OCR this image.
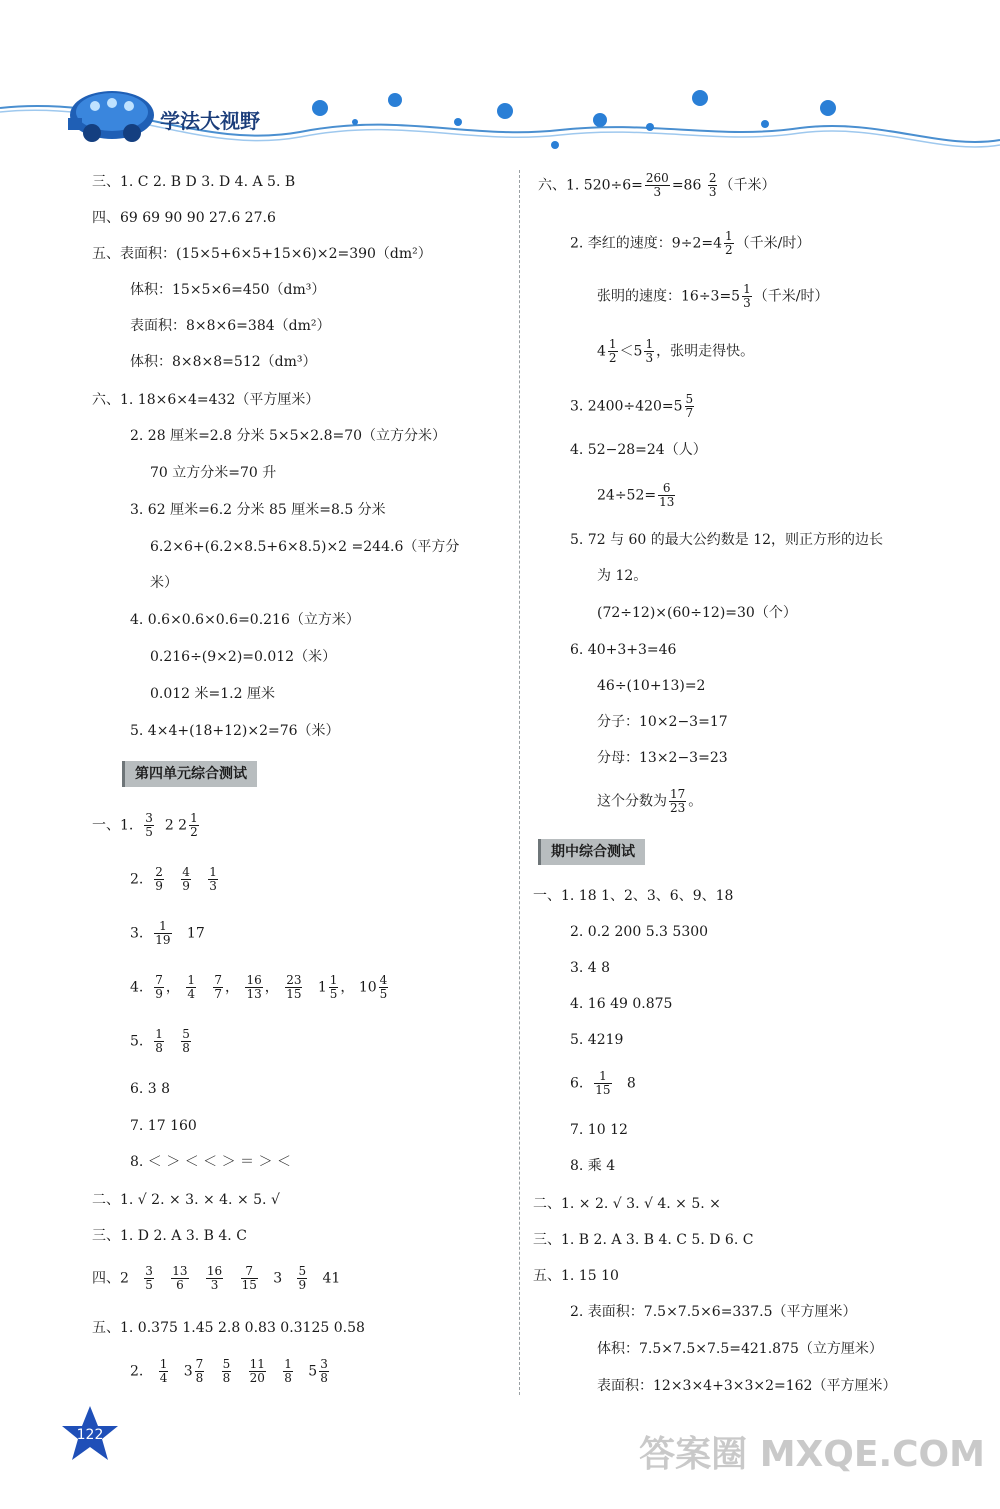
学法大视野
第四单元综合测试
一、1. $\frac{3}{5} 2$ $2 \frac{1}{2}$
2. $\frac{2}{9}$
$\frac{4}{9}$
$\frac{1}{3}$
3. $\frac{1}{19} 17$
4. $\frac{7}{9}$ ， $\frac{1}{4}$
$\frac{7}{7}$ ， $\frac{16}{13}$ ， $\frac{23}{15} 1 \frac{1}{5}$ ， $10 \frac{4}{5}$
5. $\frac{1}{8}$
$\frac{5}{8}$
6. 3 8
四、$2 \frac{3}{5}$
$\frac{13}{6}$
$\frac{16}{3}$
$\frac{7}{15} 3 \frac{5}{9} 41$
2. $\frac{1}{4} 3 \frac{7}{8}$
$\frac{5}{8}$
$\frac{11}{20}$
$\frac{1}{8} 5 \frac{3}{8}$
六、1. $520\div 6= \frac{260}{3} =86 \frac{2}{3}$ （千米）
2. 李红的速度：$9\div 2=4 \frac{1}{2}$ （千米/时）
张明的速度：$16\div 3=5 \frac{1}{3}$ （千米/时）
$4 \frac{1}{2} <5 \frac{1}{3}$ ，张明走得快。
3. $2400\div 420=5 \frac{5}{7}$
4. 52−28=24（人）
$24\div 52= \frac{6}{13}$
5. 72 与 60 的最大公约数是 12，则正方形的边长
为 12。
(72÷12)×(60÷12)=30（个）
6. 40+3+3=46
46÷(10+13)=2
分子：10×2−3=17
分母：13×2−3=23
这个分数为 $\frac{17}{23}$ 。
期中综合测试
6. $\frac{1}{15} 8$
122	答案圈 MXQE.COM
三、1. C 2. B D 3. D 4. A 5. B
四、69 69 90 90 27.6 27.6
五、表面积：(15×5+6×5+15×6)×2=390（dm²）
体积：15×5×6=450（dm³）
表面积：8×8×6=384（dm²）
体积：8×8×8=512（dm³）
六、1. 18×6×4=432（平方厘米）
2. 28 厘米=2.8 分米 5×5×2.8=70（立方分米）
70 立方分米=70 升
3. 62 厘米=6.2 分米 85 厘米=8.5 分米
6.2×6+(6.2×8.5+6×8.5)×2 =244.6（平方分
米）
4. 0.6×0.6×0.6=0.216（立方米）
0.216÷(9×2)=0.012（米）
0.012 米=1.2 厘米
5. 4×4+(18+12)×2=76（米）
7. 17 160
8. ＜ ＞ ＜ ＜ ＞ ＝ ＞ ＜
二、1. √ 2. × 3. × 4. × 5. √
三、1. D 2. A 3. B 4. C
五、1. 0.375 1.45 2.8 0.83 0.3125 0.58
一、1. 18 1、2、3、6、9、18
2. 0.2 200 5.3 5300
3. 4 8
4. 16 49 0.875
5. 4219
7. 10 12
8. 乘 4
二、1. × 2. √ 3. √ 4. × 5. ×
三、1. B 2. A 3. B 4. C 5. D 6. C
五、1. 15 10
2. 表面积：7.5×7.5×6=337.5（平方厘米）
体积：7.5×7.5×7.5=421.875（立方厘米）
表面积：12×3×4+3×3×2=162（平方厘米）
